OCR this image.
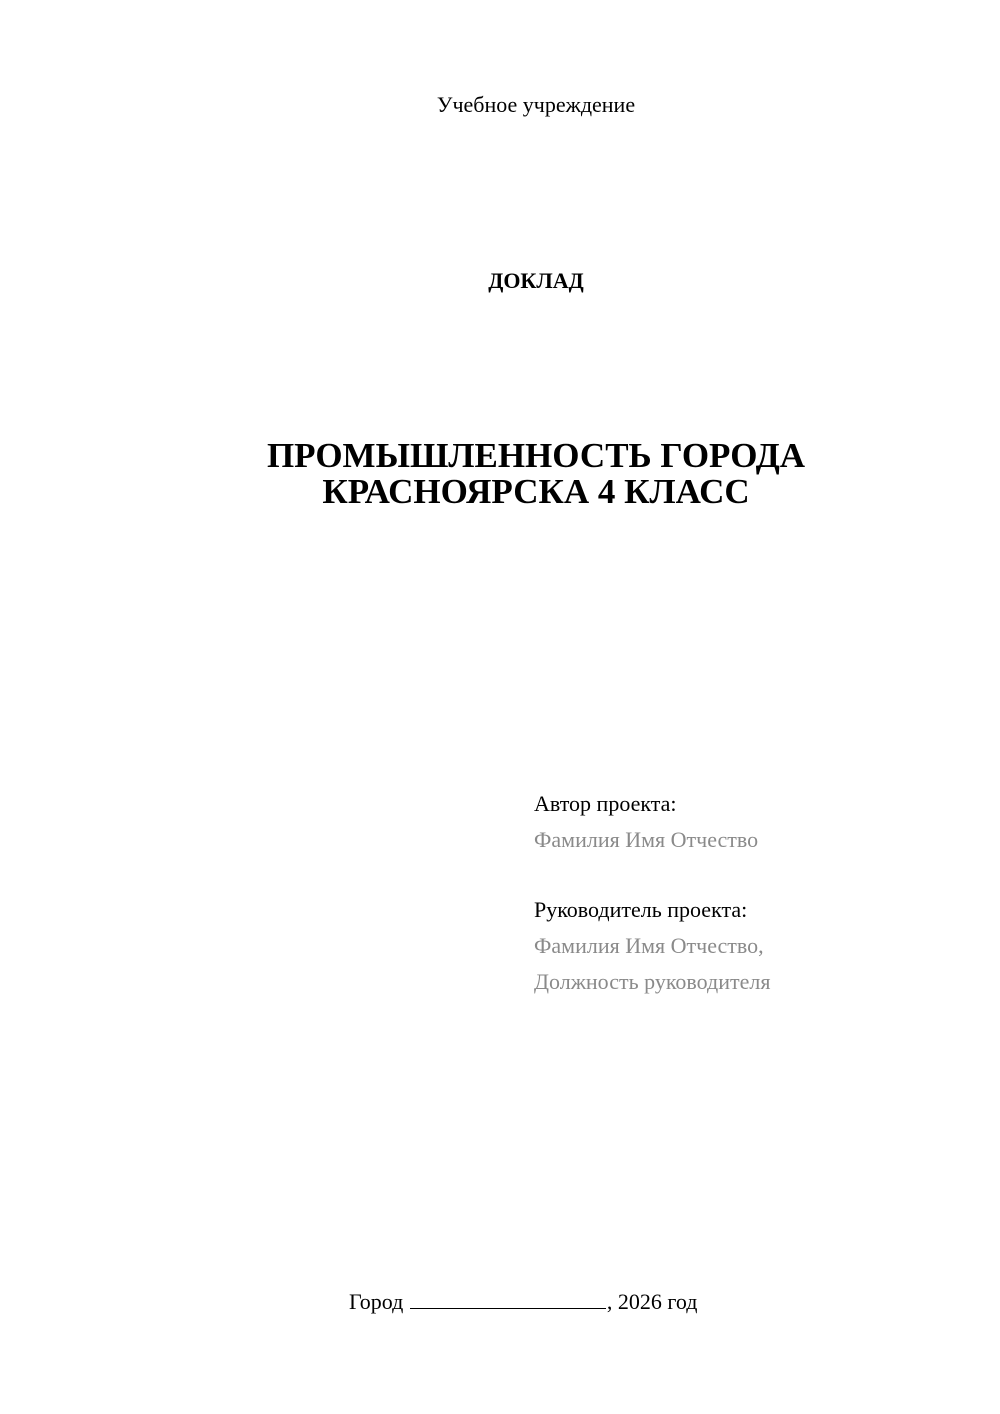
Учебное учреждение
ДОКЛАД
ПРОМЫШЛЕННОСТЬ ГОРОДА
КРАСНОЯРСКА 4 КЛАСС
Автор проекта:
Фамилия Имя Отчество
Руководитель проекта:
Фамилия Имя Отчество,
Должность руководителя
Город	, 2026 год
